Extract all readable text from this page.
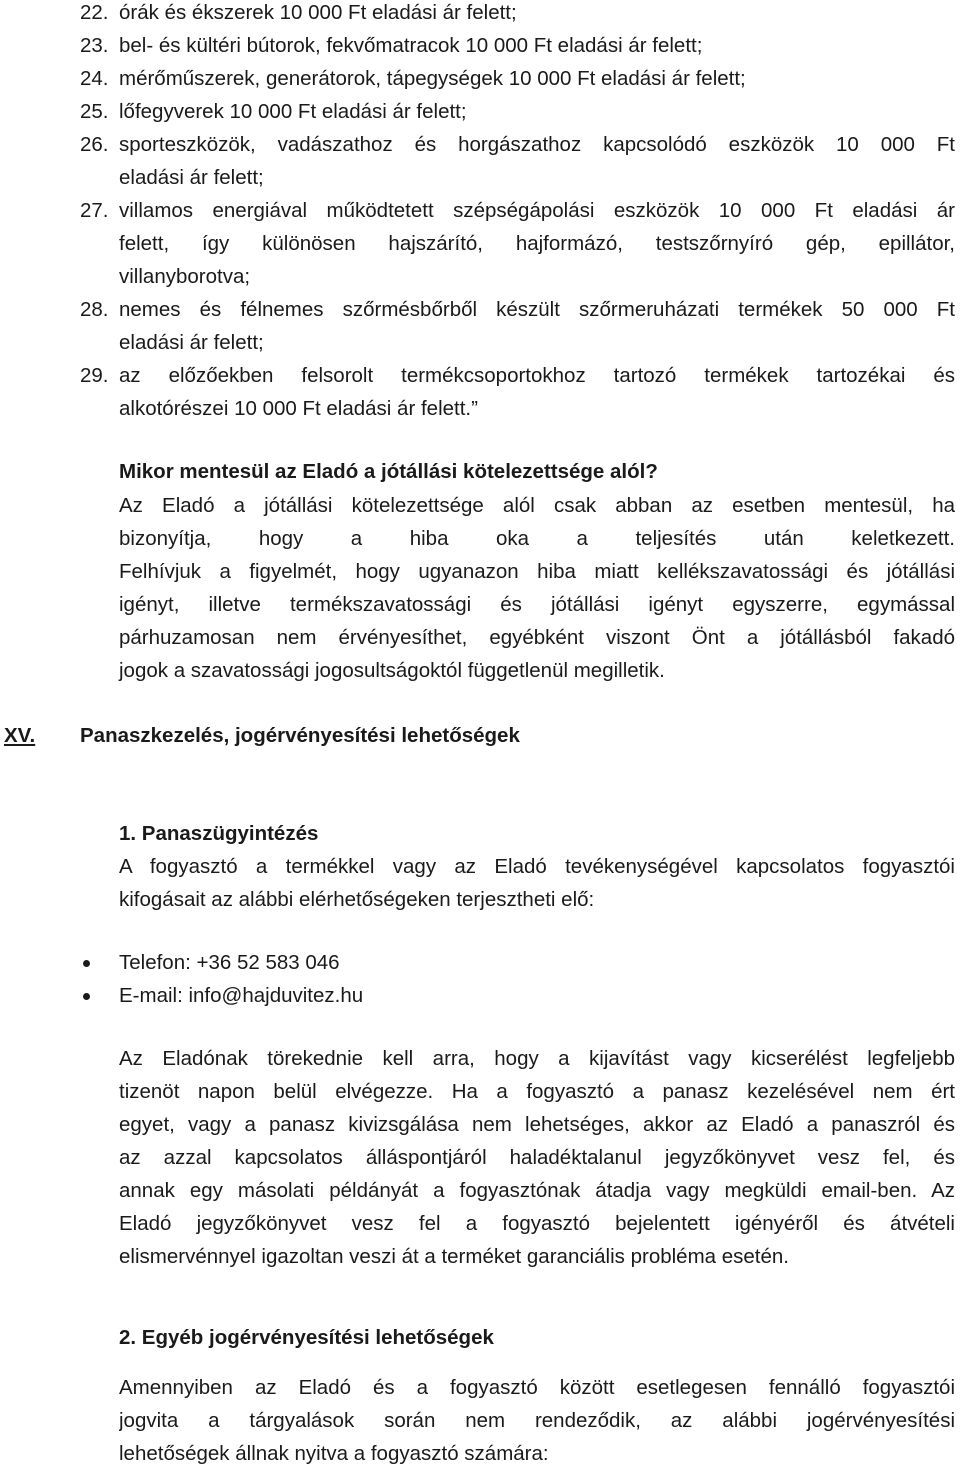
22. órák és ékszerek 10 000 Ft eladási ár felett;
23. bel- és kültéri bútorok, fekvőmatracok 10 000 Ft eladási ár felett;
24. mérőműszerek, generátorok, tápegységek 10 000 Ft eladási ár felett;
25. lőfegyverek 10 000 Ft eladási ár felett;
26. sporteszközök, vadászathoz és horgászathoz kapcsolódó eszközök 10 000 Ft
eladási ár felett;
27. villamos energiával működtetett szépségápolási eszközök 10 000 Ft eladási ár
felett, így különösen hajszárító, hajformázó, testszőrnyíró gép, epillátor,
villanyborotva;
28. nemes és félnemes szőrmésbőrből készült szőrmeruházati termékek 50 000 Ft
eladási ár felett;
29. az előzőekben felsorolt termékcsoportokhoz tartozó termékek tartozékai és
alkotórészei 10 000 Ft eladási ár felett.”
Mikor mentesül az Eladó a jótállási kötelezettsége alól?
Az Eladó a jótállási kötelezettsége alól csak abban az esetben mentesül, ha
bizonyítja, hogy a hiba oka a teljesítés után keletkezett.
Felhívjuk a figyelmét, hogy ugyanazon hiba miatt kellékszavatossági és jótállási
igényt, illetve termékszavatossági és jótállási igényt egyszerre, egymással
párhuzamosan nem érvényesíthet, egyébként viszont Önt a jótállásból fakadó
jogok a szavatossági jogosultságoktól függetlenül megilletik.
XV. Panaszkezelés, jogérvényesítési lehetőségek
1. Panaszügyintézés
A fogyasztó a termékkel vagy az Eladó tevékenységével kapcsolatos fogyasztói
kifogásait az alábbi elérhetőségeken terjesztheti elő:
Telefon: +36 52 583 046
E-mail: info@hajduvitez.hu
Az Eladónak törekednie kell arra, hogy a kijavítást vagy kicserélést legfeljebb
tizenöt napon belül elvégezze. Ha a fogyasztó a panasz kezelésével nem ért
egyet, vagy a panasz kivizsgálása nem lehetséges, akkor az Eladó a panaszról és
az azzal kapcsolatos álláspontjáról haladéktalanul jegyzőkönyvet vesz fel, és
annak egy másolati példányát a fogyasztónak átadja vagy megküldi email-ben. Az
Eladó jegyzőkönyvet vesz fel a fogyasztó bejelentett igényéről és átvételi
elismervénnyel igazoltan veszi át a terméket garanciális probléma esetén.
2. Egyéb jogérvényesítési lehetőségek
Amennyiben az Eladó és a fogyasztó között esetlegesen fennálló fogyasztói
jogvita a tárgyalások során nem rendeződik, az alábbi jogérvényesítési
lehetőségek állnak nyitva a fogyasztó számára:
